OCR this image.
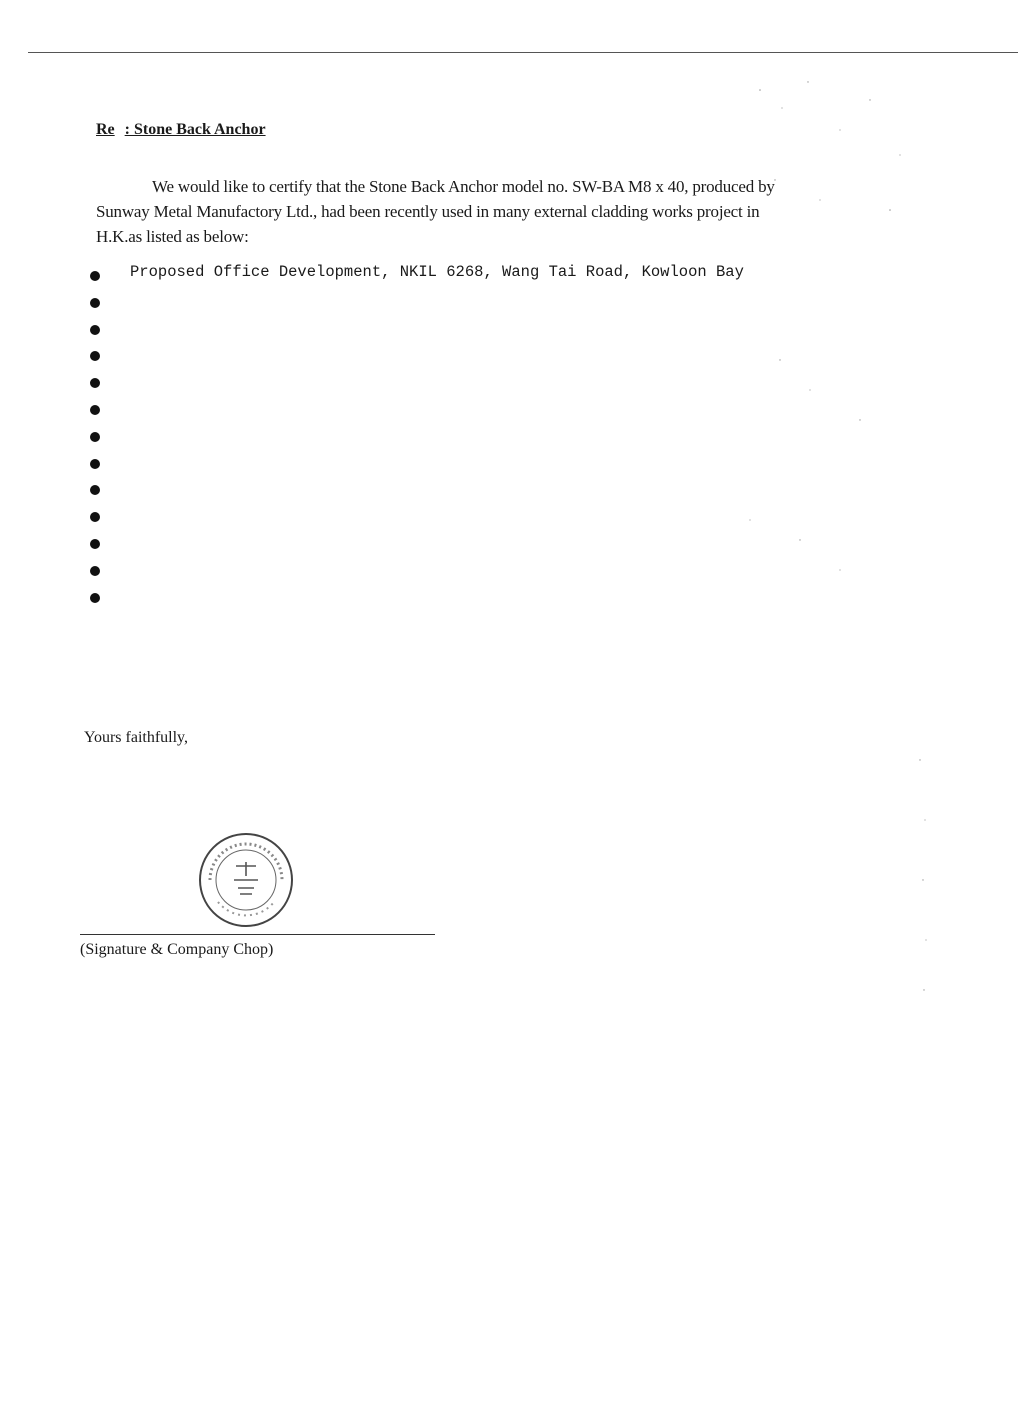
Re : Stone Back Anchor

We would like to certify that the Stone Back Anchor model no. SW-BA M8 x 40, produced by Sunway Metal Manufactory Ltd., had been recently used in many external cladding works project in H.K.as listed as below:

Proposed Office Development, NKIL 6268, Wang Tai Road, Kowloon Bay
Yours faithfully,
(Signature & Company Chop)
